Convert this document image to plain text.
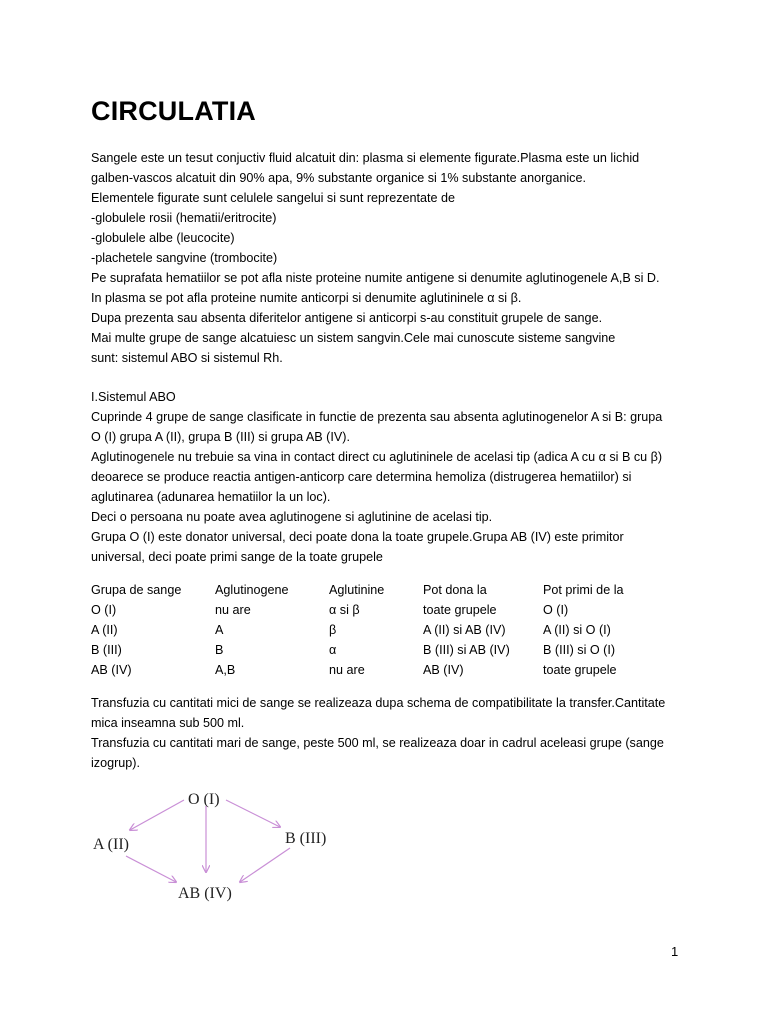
CIRCULATIA

Sangele este un tesut conjuctiv fluid alcatuit din: plasma si elemente figurate.Plasma este un lichid

galben-vascos alcatuit din 90% apa, 9% substante organice si 1% substante anorganice.

Elementele figurate sunt celulele sangelui si sunt reprezentate de

-globulele rosii (hematii/eritrocite)

-globulele albe (leucocite)

-plachetele sangvine (trombocite)

Pe suprafata hematiilor se pot afla niste proteine numite antigene si denumite aglutinogenele A,B si D.

In plasma se pot afla proteine numite anticorpi si denumite aglutininele α si β.

Dupa prezenta sau absenta diferitelor antigene si anticorpi s-au constituit grupele de sange.

Mai multe grupe de sange alcatuiesc un sistem sangvin.Cele mai cunoscute sisteme sangvine

sunt: sistemul ABO si sistemul Rh.

I.Sistemul ABO

Cuprinde 4 grupe de sange clasificate in functie de prezenta sau absenta aglutinogenelor A si B: grupa

O (I) grupa A (II), grupa B (III) si grupa AB (IV).

Aglutinogenele nu trebuie sa vina in contact direct cu aglutininele de acelasi tip (adica A cu α si B cu β)

deoarece se produce reactia antigen-anticorp care determina hemoliza (distrugerea hematiilor) si

aglutinarea (adunarea hematiilor la un loc).

Deci o persoana nu poate avea aglutinogene si aglutinine de acelasi tip.

Grupa O (I) este donator universal, deci poate dona la toate grupele.Grupa AB (IV) este primitor

universal, deci poate primi sange de la toate grupele

Grupa de sange	Aglutinogene	Aglutinine	Pot dona la	Pot primi de la
O (I)	nu are	α si β	toate grupele	O (I)
A (II)	A	β	A (II) si AB (IV)	A (II) si O (I)
B (III)	B	α	B (III) si AB (IV)	B (III) si O (I)
AB (IV)	A,B	nu are	AB (IV)	toate grupele

Transfuzia cu cantitati mici de sange se realizeaza dupa schema de compatibilitate la transfer.Cantitate

mica inseamna sub 500 ml.

Transfuzia cu cantitati mari de sange, peste 500 ml, se realizeaza doar in cadrul aceleasi grupe (sange

izogrup).

O (I)
A (II)	B (III)
AB (IV)
1
